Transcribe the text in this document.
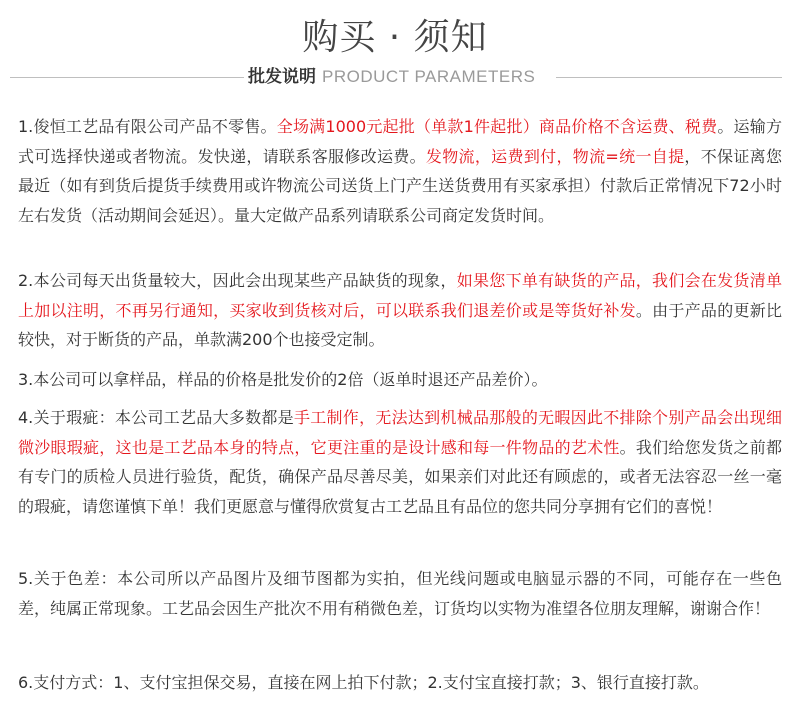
购买 · 须知
批发说明 PRODUCT PARAMETERS

1.俊恒工艺品有限公司产品不零售。全场满1000元起批（单款1件起批）商品价格不含运费、税费。运输方式可选择快递或者物流。发快递，请联系客服修改运费。发物流，运费到付，物流=统一自提，不保证离您最近（如有到货后提货手续费用或许物流公司送货上门产生送货费用有买家承担）付款后正常情况下72小时左右发货（活动期间会延迟）。量大定做产品系列请联系公司商定发货时间。

2.本公司每天出货量较大，因此会出现某些产品缺货的现象，如果您下单有缺货的产品，我们会在发货清单上加以注明，不再另行通知，买家收到货核对后，可以联系我们退差价或是等货好补发。由于产品的更新比较快，对于断货的产品，单款满200个也接受定制。

3.本公司可以拿样品，样品的价格是批发价的2倍（返单时退还产品差价）。

4.关于瑕疵：本公司工艺品大多数都是手工制作，无法达到机械品那般的无暇因此不排除个别产品会出现细微沙眼瑕疵，这也是工艺品本身的特点，它更注重的是设计感和每一件物品的艺术性。我们给您发货之前都有专门的质检人员进行验货，配货，确保产品尽善尽美，如果亲们对此还有顾虑的，或者无法容忍一丝一毫的瑕疵，请您谨慎下单！我们更愿意与懂得欣赏复古工艺品且有品位的您共同分享拥有它们的喜悦！

5.关于色差：本公司所以产品图片及细节图都为实拍，但光线问题或电脑显示器的不同，可能存在一些色差，纯属正常现象。工艺品会因生产批次不用有稍微色差，订货均以实物为准望各位朋友理解，谢谢合作！

6.支付方式：1、支付宝担保交易，直接在网上拍下付款；2.支付宝直接打款；3、银行直接打款。
